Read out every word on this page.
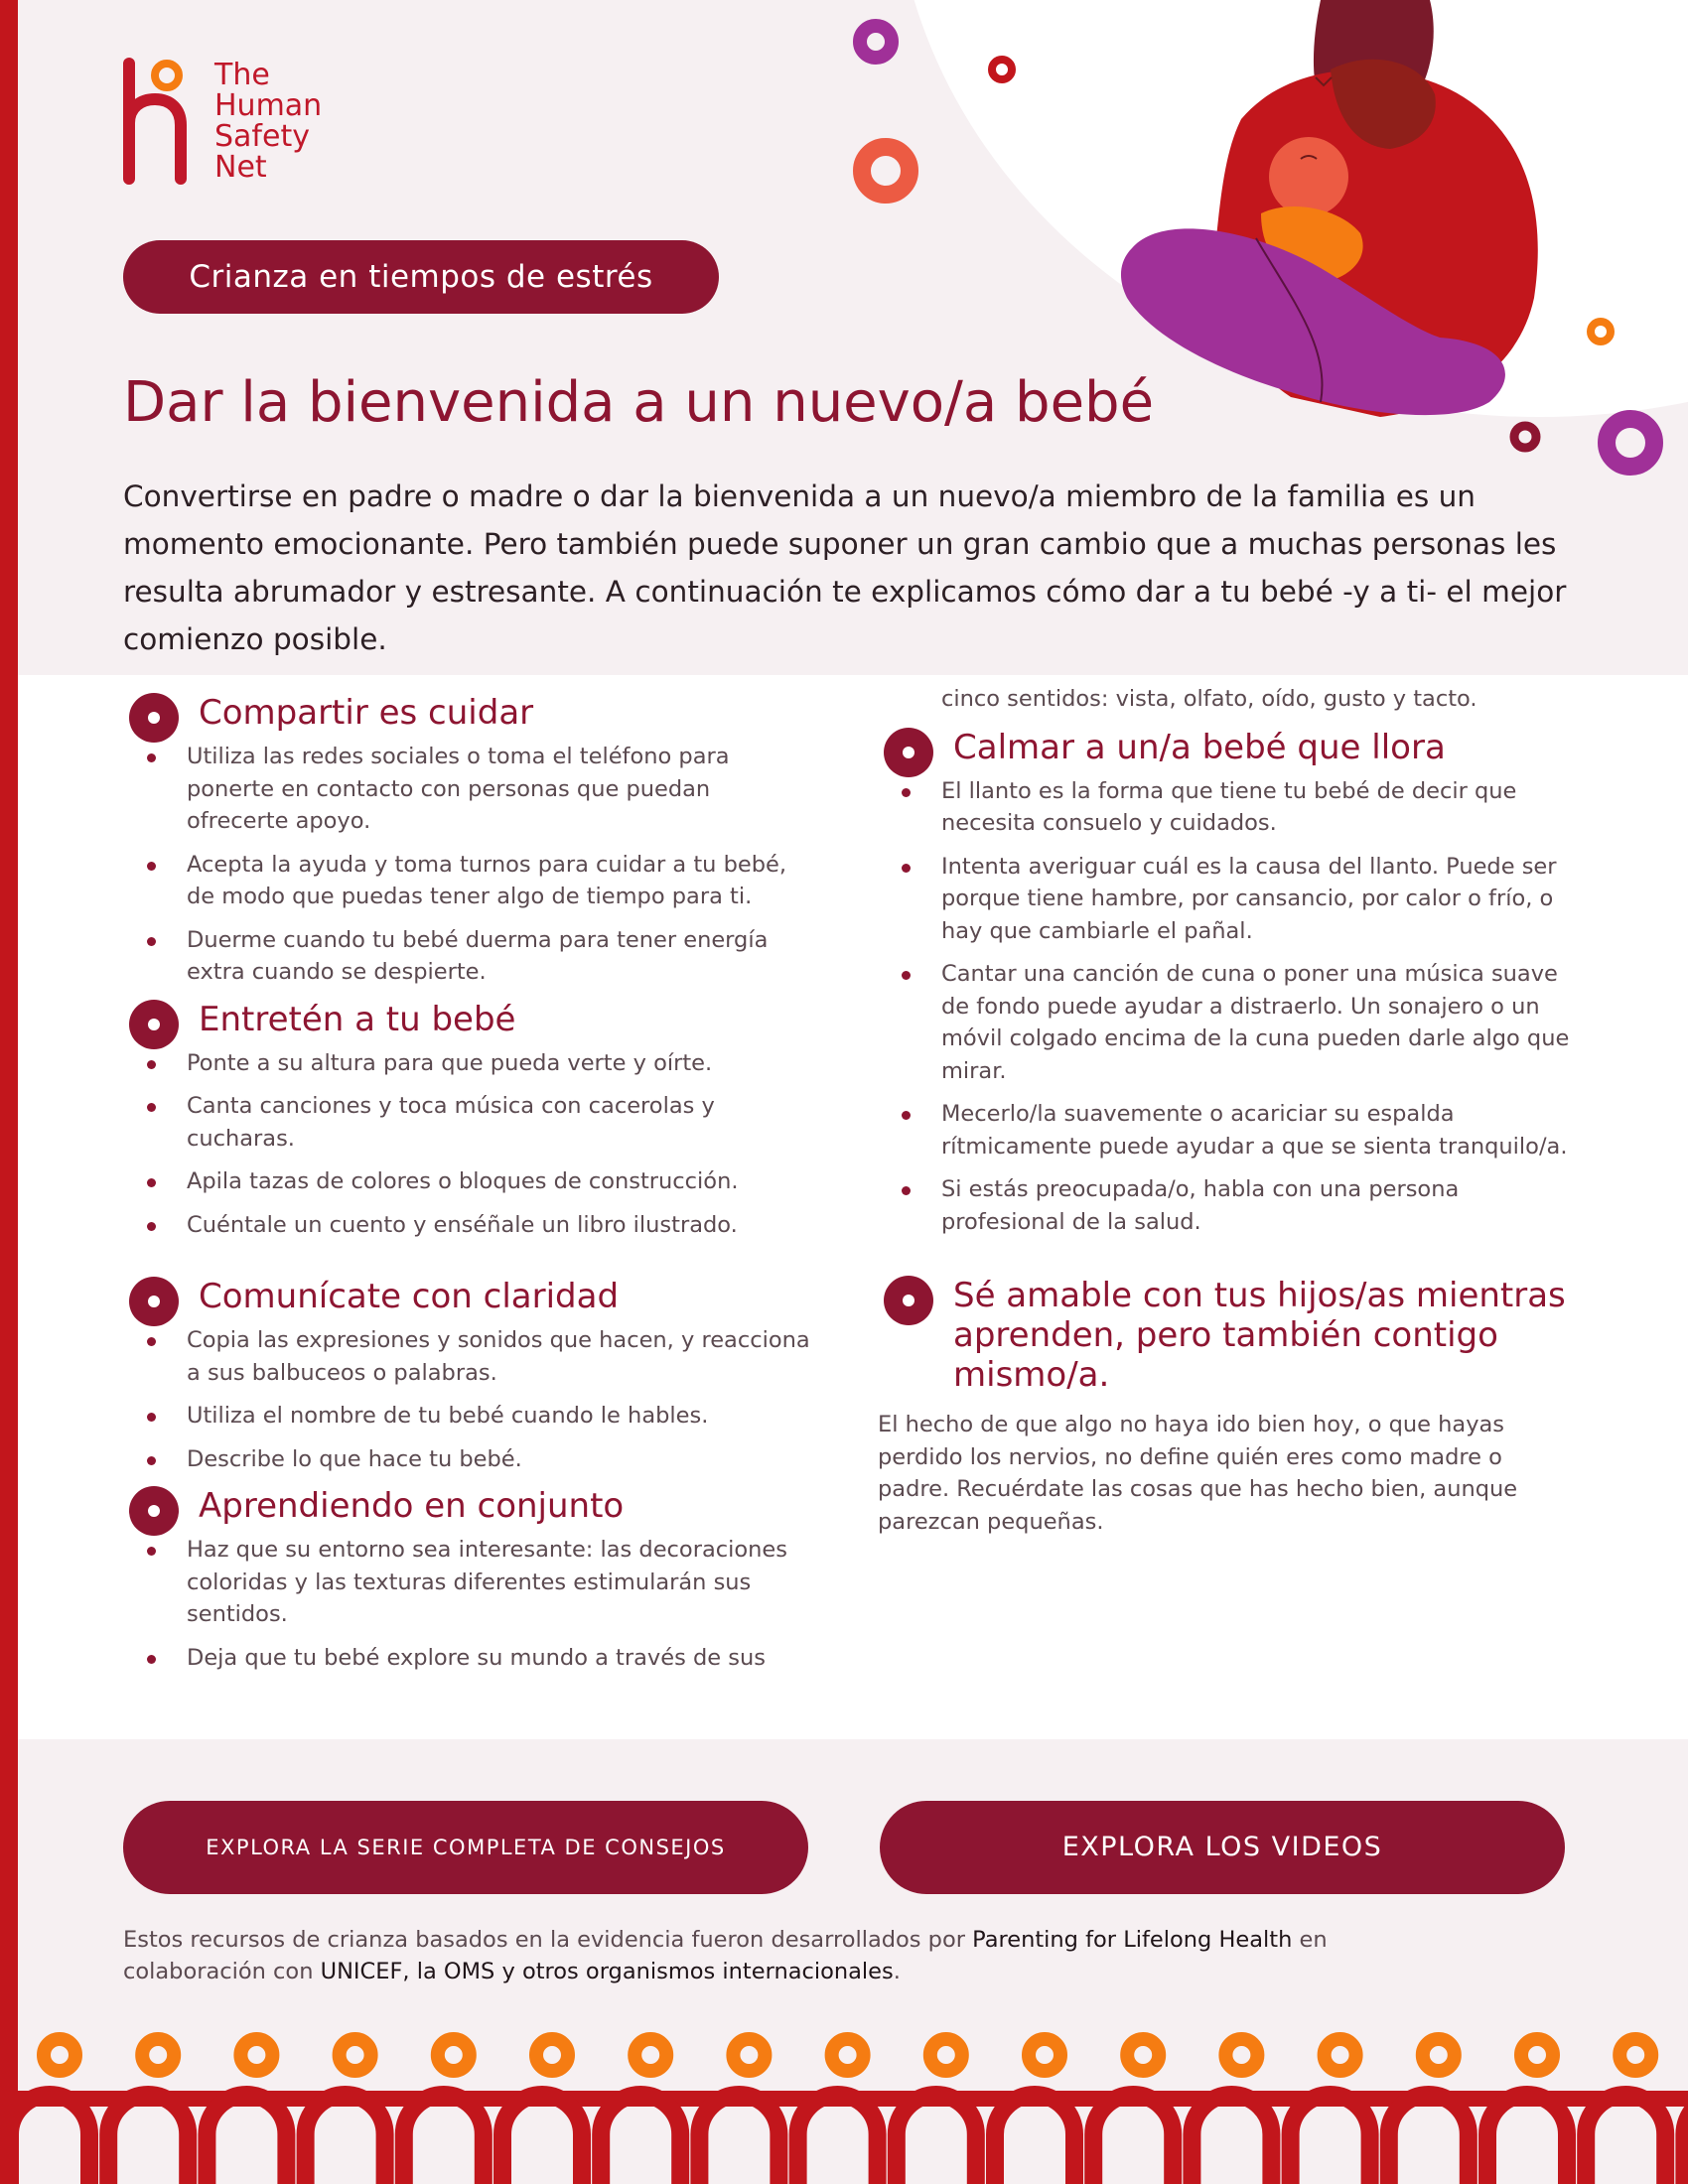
The
Human
Safety
Net

Crianza en tiempos de estrés
Dar la bienvenida a un nuevo/a bebé

Convertirse en padre o madre o dar la bienvenida a un nuevo/a miembro de la familia es un momento emocionante. Pero también puede suponer un gran cambio que a muchas personas les resulta abrumador y estresante. A continuación te explicamos cómo dar a tu bebé -y a ti- el mejor comienzo posible.

Compartir es cuidar
Utiliza las redes sociales o toma el teléfono para ponerte en contacto con personas que puedan ofrecerte apoyo.
Acepta la ayuda y toma turnos para cuidar a tu bebé, de modo que puedas tener algo de tiempo para ti.
Duerme cuando tu bebé duerma para tener energía extra cuando se despierte.
Entretén a tu bebé
Ponte a su altura para que pueda verte y oírte.
Canta canciones y toca música con cacerolas y cucharas.
Apila tazas de colores o bloques de construcción.
Cuéntale un cuento y enséñale un libro ilustrado.
Comunícate con claridad
Copia las expresiones y sonidos que hacen, y reacciona a sus balbuceos o palabras.
Utiliza el nombre de tu bebé cuando le hables.
Describe lo que hace tu bebé.
Aprendiendo en conjunto
Haz que su entorno sea interesante: las decoraciones coloridas y las texturas diferentes estimularán sus sentidos.
Deja que tu bebé explore su mundo a través de sus

cinco sentidos: vista, olfato, oído, gusto y tacto.

Calmar a un/a bebé que llora
El llanto es la forma que tiene tu bebé de decir que necesita consuelo y cuidados.
Intenta averiguar cuál es la causa del llanto. Puede ser porque tiene hambre, por cansancio, por calor o frío, o hay que cambiarle el pañal.
Cantar una canción de cuna o poner una música suave de fondo puede ayudar a distraerlo. Un sonajero o un móvil colgado encima de la cuna pueden darle algo que mirar.
Mecerlo/la suavemente o acariciar su espalda rítmicamente puede ayudar a que se sienta tranquilo/a.
Si estás preocupada/o, habla con una persona profesional de la salud.
Sé amable con tus hijos/as mientras aprenden, pero también contigo mismo/a.

El hecho de que algo no haya ido bien hoy, o que hayas perdido los nervios, no define quién eres como madre o padre. Recuérdate las cosas que has hecho bien, aunque parezcan pequeñas.

EXPLORA LA SERIE COMPLETA DE CONSEJOS	EXPLORA LOS VIDEOS

Estos recursos de crianza basados en la evidencia fueron desarrollados por Parenting for Lifelong Health en colaboración con UNICEF, la OMS y otros organismos internacionales.
